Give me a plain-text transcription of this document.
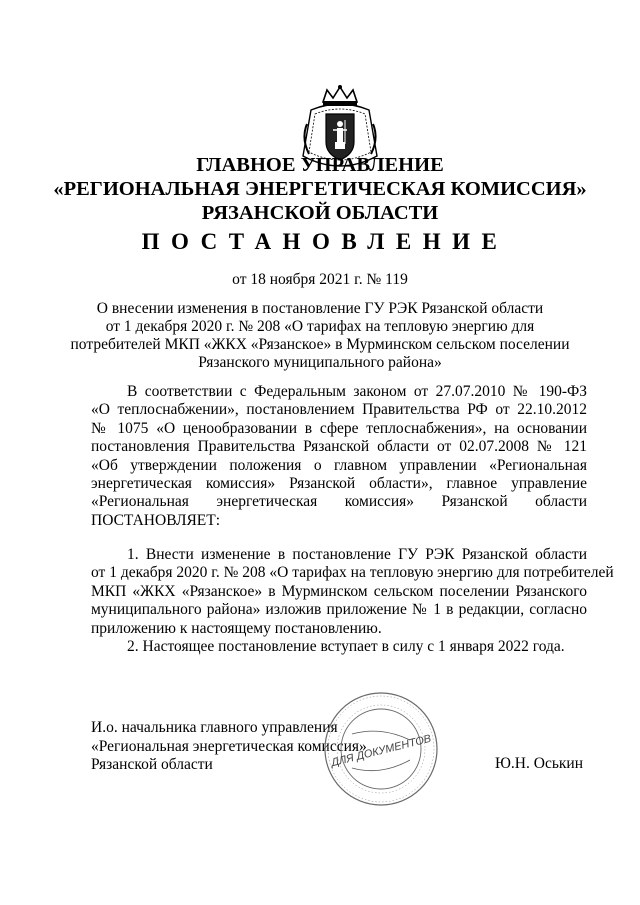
ГЛАВНОЕ УПРАВЛЕНИЕ
«РЕГИОНАЛЬНАЯ ЭНЕРГЕТИЧЕСКАЯ КОМИССИЯ»
РЯЗАНСКОЙ ОБЛАСТИ
ПОСТАНОВЛЕНИЕ
от 18 ноября 2021 г. № 119
О внесении изменения в постановление ГУ РЭК Рязанской области
от 1 декабря 2020 г. № 208 «О тарифах на тепловую энергию для
потребителей МКП «ЖКХ «Рязанское» в Мурминском сельском поселении
Рязанского муниципального района»
В соответствии с Федеральным законом от 27.07.2010 № 190-ФЗ
«О теплоснабжении», постановлением Правительства РФ от 22.10.2012
№ 1075 «О ценообразовании в сфере теплоснабжения», на основании
постановления Правительства Рязанской области от 02.07.2008 № 121
«Об утверждении положения о главном управлении «Региональная
энергетическая комиссия» Рязанской области», главное управление
«Региональная энергетическая комиссия» Рязанской области
ПОСТАНОВЛЯЕТ:
1. Внести изменение в постановление ГУ РЭК Рязанской области
от 1 декабря 2020 г. № 208 «О тарифах на тепловую энергию для потребителей
МКП «ЖКХ «Рязанское» в Мурминском сельском поселении Рязанского
муниципального района» изложив приложение № 1 в редакции, согласно
приложению к настоящему постановлению.
2. Настоящее постановление вступает в силу с 1 января 2022 года.
И.о. начальника главного управления
«Региональная энергетическая комиссия»
Рязанской области	Ю.Н. Оськин
ДЛЯ ДОКУМЕНТОВ
